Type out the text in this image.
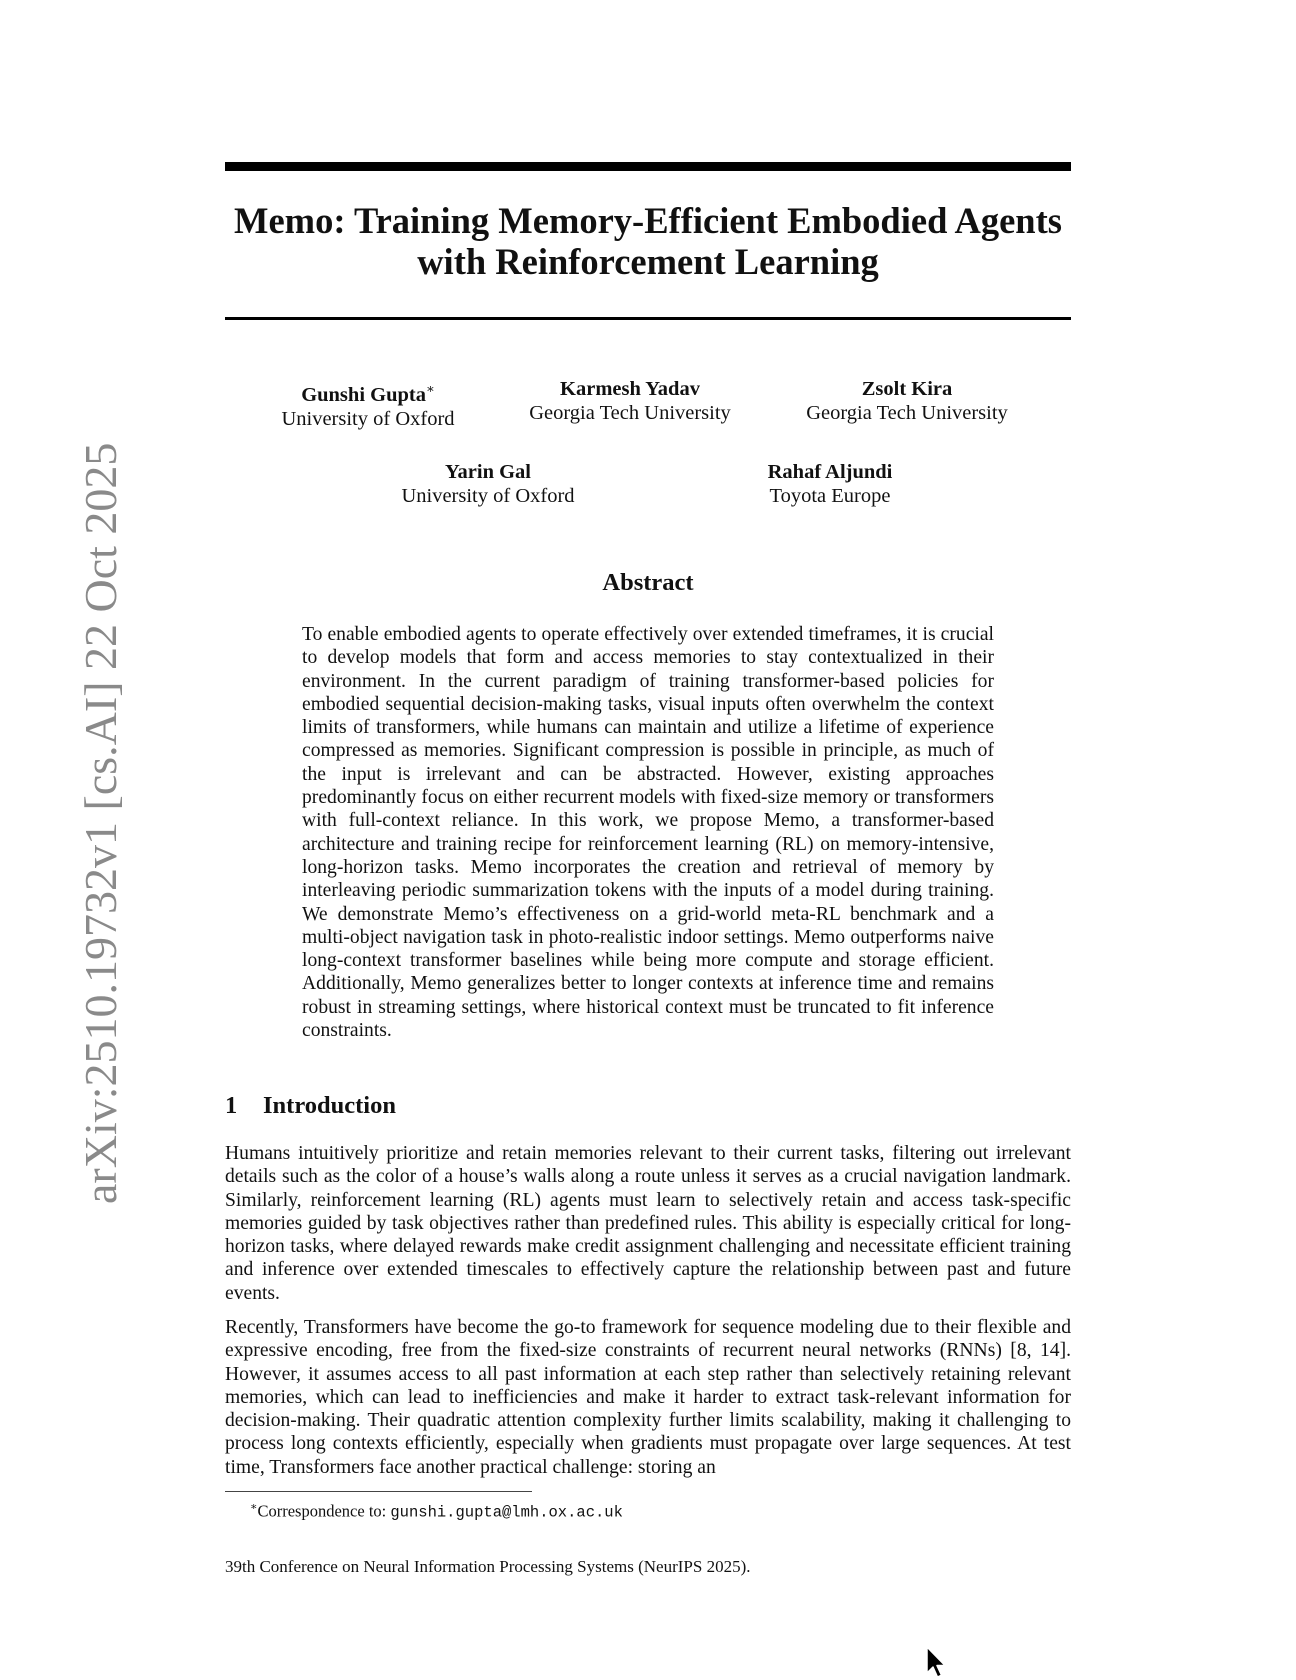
arXiv:2510.19732v1 [cs.AI] 22 Oct 2025
Memo: Training Memory-Efficient Embodied Agents
with Reinforcement Learning
Gunshi Gupta∗
University of Oxford
Karmesh Yadav
Georgia Tech University
Zsolt Kira
Georgia Tech University
Yarin Gal
University of Oxford
Rahaf Aljundi
Toyota Europe
Abstract

To enable embodied agents to operate effectively over extended timeframes, it is crucial to develop models that form and access memories to stay contextualized in their environment. In the current paradigm of training transformer-based policies for embodied sequential decision-making tasks, visual inputs often overwhelm the context limits of transformers, while humans can maintain and utilize a lifetime of experience compressed as memories. Significant compression is possible in principle, as much of the input is irrelevant and can be abstracted. However, existing approaches predominantly focus on either recurrent models with fixed-size memory or transformers with full-context reliance. In this work, we propose Memo, a transformer-based architecture and training recipe for reinforcement learning (RL) on memory-intensive, long-horizon tasks. Memo incorporates the creation and retrieval of memory by interleaving periodic summarization tokens with the inputs of a model during training. We demonstrate Memo’s effectiveness on a grid-world meta-RL benchmark and a multi-object navigation task in photo-realistic indoor settings. Memo outperforms naive long-context transformer baselines while being more compute and storage efficient. Additionally, Memo generalizes better to longer contexts at inference time and remains robust in streaming settings, where historical context must be truncated to fit inference constraints.

1 Introduction

Humans intuitively prioritize and retain memories relevant to their current tasks, filtering out irrelevant details such as the color of a house’s walls along a route unless it serves as a crucial navigation landmark. Similarly, reinforcement learning (RL) agents must learn to selectively retain and access task-specific memories guided by task objectives rather than predefined rules. This ability is especially critical for long-horizon tasks, where delayed rewards make credit assignment challenging and necessitate efficient training and inference over extended timescales to effectively capture the relationship between past and future events.

Recently, Transformers have become the go-to framework for sequence modeling due to their flexible and expressive encoding, free from the fixed-size constraints of recurrent neural networks (RNNs) [8, 14]. However, it assumes access to all past information at each step rather than selectively retaining relevant memories, which can lead to inefficiencies and make it harder to extract task-relevant information for decision-making. Their quadratic attention complexity further limits scalability, making it challenging to process long contexts efficiently, especially when gradients must propagate over large sequences. At test time, Transformers face another practical challenge: storing an

∗Correspondence to: gunshi.gupta@lmh.ox.ac.uk
39th Conference on Neural Information Processing Systems (NeurIPS 2025).
